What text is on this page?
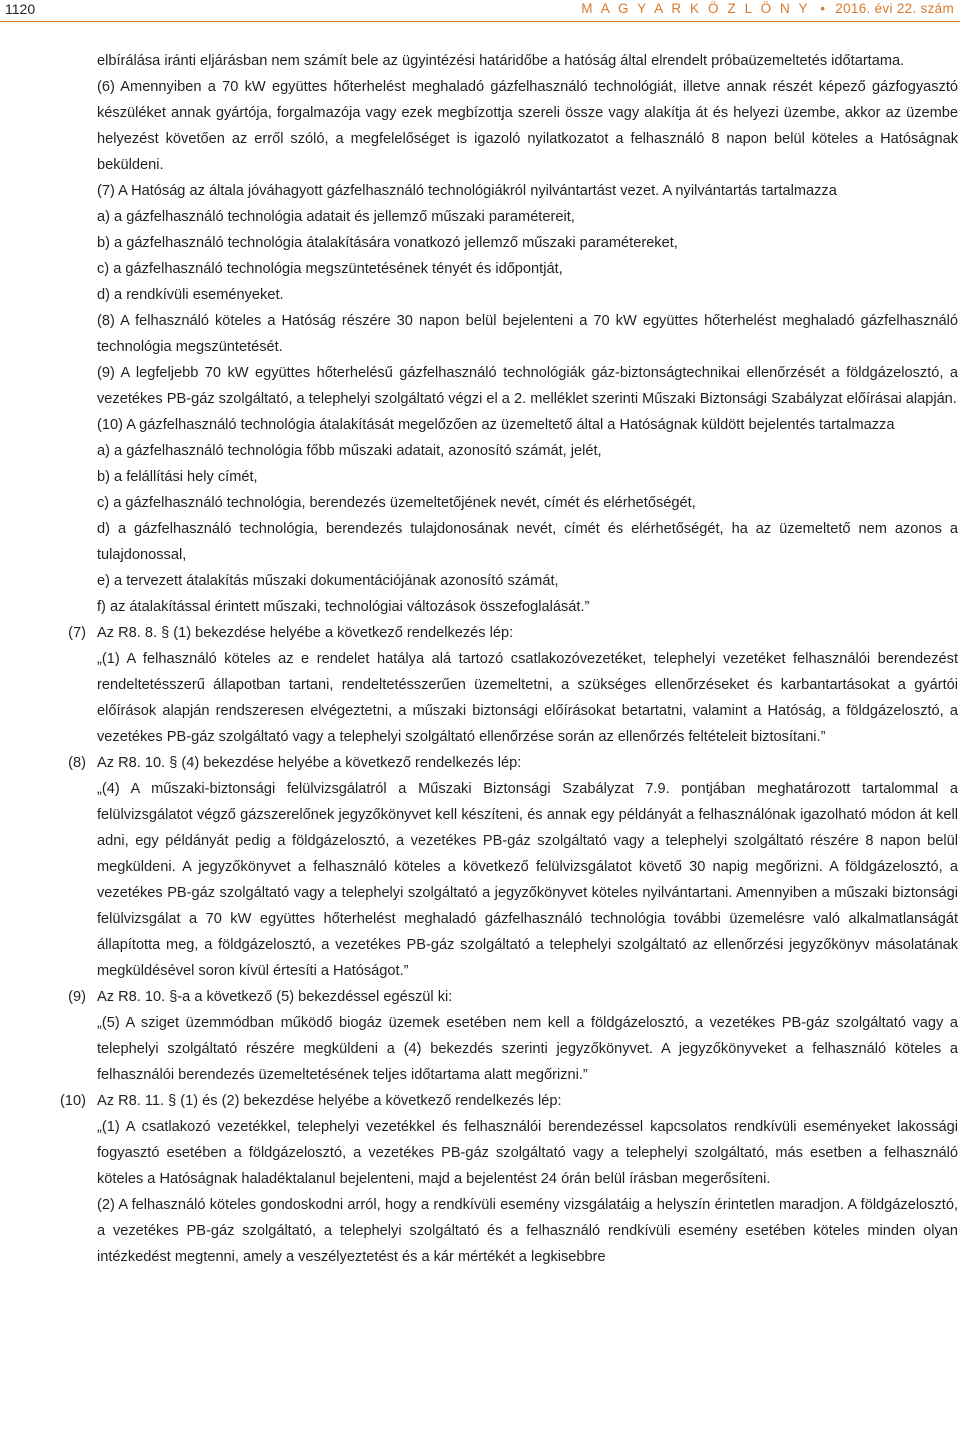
1120	M A G Y A R K Ö Z L Ö N Y • 2016. évi 22. szám
elbírálása iránti eljárásban nem számít bele az ügyintézési határidőbe a hatóság által elrendelt próbaüzemeltetés időtartama.
(6) Amennyiben a 70 kW együttes hőterhelést meghaladó gázfelhasználó technológiát, illetve annak részét képező gázfogyasztó készüléket annak gyártója, forgalmazója vagy ezek megbízottja szereli össze vagy alakítja át és helyezi üzembe, akkor az üzembe helyezést követően az erről szóló, a megfelelőséget is igazoló nyilatkozatot a felhasználó 8 napon belül köteles a Hatóságnak beküldeni.
(7) A Hatóság az általa jóváhagyott gázfelhasználó technológiákról nyilvántartást vezet. A nyilvántartás tartalmazza
a) a gázfelhasználó technológia adatait és jellemző műszaki paramétereit,
b) a gázfelhasználó technológia átalakítására vonatkozó jellemző műszaki paramétereket,
c) a gázfelhasználó technológia megszüntetésének tényét és időpontját,
d) a rendkívüli eseményeket.
(8) A felhasználó köteles a Hatóság részére 30 napon belül bejelenteni a 70 kW együttes hőterhelést meghaladó gázfelhasználó technológia megszüntetését.
(9) A legfeljebb 70 kW együttes hőterhelésű gázfelhasználó technológiák gáz-biztonságtechnikai ellenőrzését a földgázelosztó, a vezetékes PB-gáz szolgáltató, a telephelyi szolgáltató végzi el a 2. melléklet szerinti Műszaki Biztonsági Szabályzat előírásai alapján.
(10) A gázfelhasználó technológia átalakítását megelőzően az üzemeltető által a Hatóságnak küldött bejelentés tartalmazza
a) a gázfelhasználó technológia főbb műszaki adatait, azonosító számát, jelét,
b) a felállítási hely címét,
c) a gázfelhasználó technológia, berendezés üzemeltetőjének nevét, címét és elérhetőségét,
d) a gázfelhasználó technológia, berendezés tulajdonosának nevét, címét és elérhetőségét, ha az üzemeltető nem azonos a tulajdonossal,
e) a tervezett átalakítás műszaki dokumentációjának azonosító számát,
f) az átalakítással érintett műszaki, technológiai változások összefoglalását.”
(7) Az R8. 8. § (1) bekezdése helyébe a következő rendelkezés lép:
„(1) A felhasználó köteles az e rendelet hatálya alá tartozó csatlakozóvezetéket, telephelyi vezetéket felhasználói berendezést rendeltetésszerű állapotban tartani, rendeltetésszerűen üzemeltetni, a szükséges ellenőrzéseket és karbantartásokat a gyártói előírások alapján rendszeresen elvégeztetni, a műszaki biztonsági előírásokat betartatni, valamint a Hatóság, a földgázelosztó, a vezetékes PB-gáz szolgáltató vagy a telephelyi szolgáltató ellenőrzése során az ellenőrzés feltételeit biztosítani.”
(8) Az R8. 10. § (4) bekezdése helyébe a következő rendelkezés lép:
„(4) A műszaki-biztonsági felülvizsgálatról a Műszaki Biztonsági Szabályzat 7.9. pontjában meghatározott tartalommal a felülvizsgálatot végző gázszerelőnek jegyzőkönyvet kell készíteni, és annak egy példányát a felhasználónak igazolható módon át kell adni, egy példányát pedig a földgázelosztó, a vezetékes PB-gáz szolgáltató vagy a telephelyi szolgáltató részére 8 napon belül megküldeni. A jegyzőkönyvet a felhasználó köteles a következő felülvizsgálatot követő 30 napig megőrizni. A földgázelosztó, a vezetékes PB-gáz szolgáltató vagy a telephelyi szolgáltató a jegyzőkönyvet köteles nyilvántartani. Amennyiben a műszaki biztonsági felülvizsgálat a 70 kW együttes hőterhelést meghaladó gázfelhasználó technológia további üzemelésre való alkalmatlanságát állapította meg, a földgázelosztó, a vezetékes PB-gáz szolgáltató a telephelyi szolgáltató az ellenőrzési jegyzőkönyv másolatának megküldésével soron kívül értesíti a Hatóságot.”
(9) Az R8. 10. §-a a következő (5) bekezdéssel egészül ki:
„(5) A sziget üzemmódban működő biogáz üzemek esetében nem kell a földgázelosztó, a vezetékes PB-gáz szolgáltató vagy a telephelyi szolgáltató részére megküldeni a (4) bekezdés szerinti jegyzőkönyvet. A jegyzőkönyveket a felhasználó köteles a felhasználói berendezés üzemeltetésének teljes időtartama alatt megőrizni.”
(10) Az R8. 11. § (1) és (2) bekezdése helyébe a következő rendelkezés lép:
„(1) A csatlakozó vezetékkel, telephelyi vezetékkel és felhasználói berendezéssel kapcsolatos rendkívüli eseményeket lakossági fogyasztó esetében a földgázelosztó, a vezetékes PB-gáz szolgáltató vagy a telephelyi szolgáltató, más esetben a felhasználó köteles a Hatóságnak haladéktalanul bejelenteni, majd a bejelentést 24 órán belül írásban megerősíteni.
(2) A felhasználó köteles gondoskodni arról, hogy a rendkívüli esemény vizsgálatáig a helyszín érintetlen maradjon. A földgázelosztó, a vezetékes PB-gáz szolgáltató, a telephelyi szolgáltató és a felhasználó rendkívüli esemény esetében köteles minden olyan intézkedést megtenni, amely a veszélyeztetést és a kár mértékét a legkisebbre
